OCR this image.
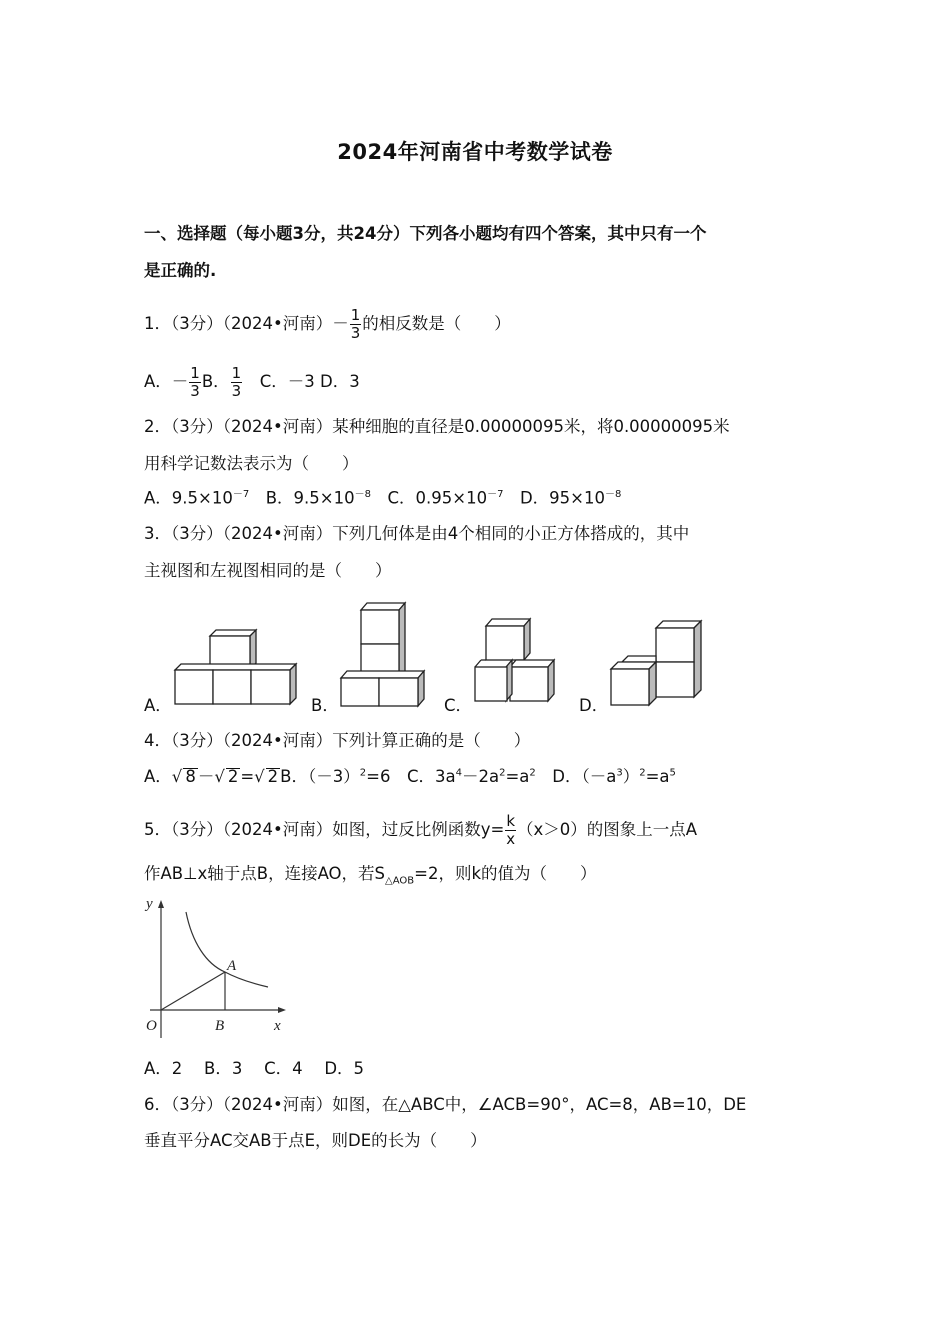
2024年河南省中考数学试卷
一、选择题（每小题3分，共24分）下列各小题均有四个答案，其中只有一个
是正确的.
1．（3分）（2024•河南）－ $\frac{1}{3}$ 的相反数是（　　）
A．－ $\frac{1}{3}$ B． $\frac{1}{3}$ 　C．－3 D．3
2．（3分）（2024•河南）某种细胞的直径是0.00000095米，将0.00000095米
用科学记数法表示为（　　）
A．$9.5\times 10^{-7}$　B．$9.5\times 10^{-8}$　C．$0.95\times 10^{-7}$　D．$95\times 10^{-8}$
3．（3分）（2024•河南）下列几何体是由4个相同的小正方体搭成的，其中
主视图和左视图相同的是（　　）
A．	B．	C．	D．
4．（3分）（2024•河南）下列计算正确的是（　　）
A．√ 8 －√ 2 =√ 2 B．$(-3)^2=6$　C．$3a^4-2a^2=a^2$　D．$(-a^3)^2=a^5$
5．（3分）（2024•河南）如图，过反比例函数$y= \frac{k}{x} (x>0)$的图象上一点A
作AB⊥x轴于点B，连接AO，若$S_{\triangle AOB}=2$，则k的值为（　　）
y
x
O
A
B
A．2　 B．3　 C．4　 D．5
6．（3分）（2024•河南）如图，在△ABC中，∠ACB=90°，AC=8，AB=10，DE
垂直平分AC交AB于点E，则DE的长为（　　）
